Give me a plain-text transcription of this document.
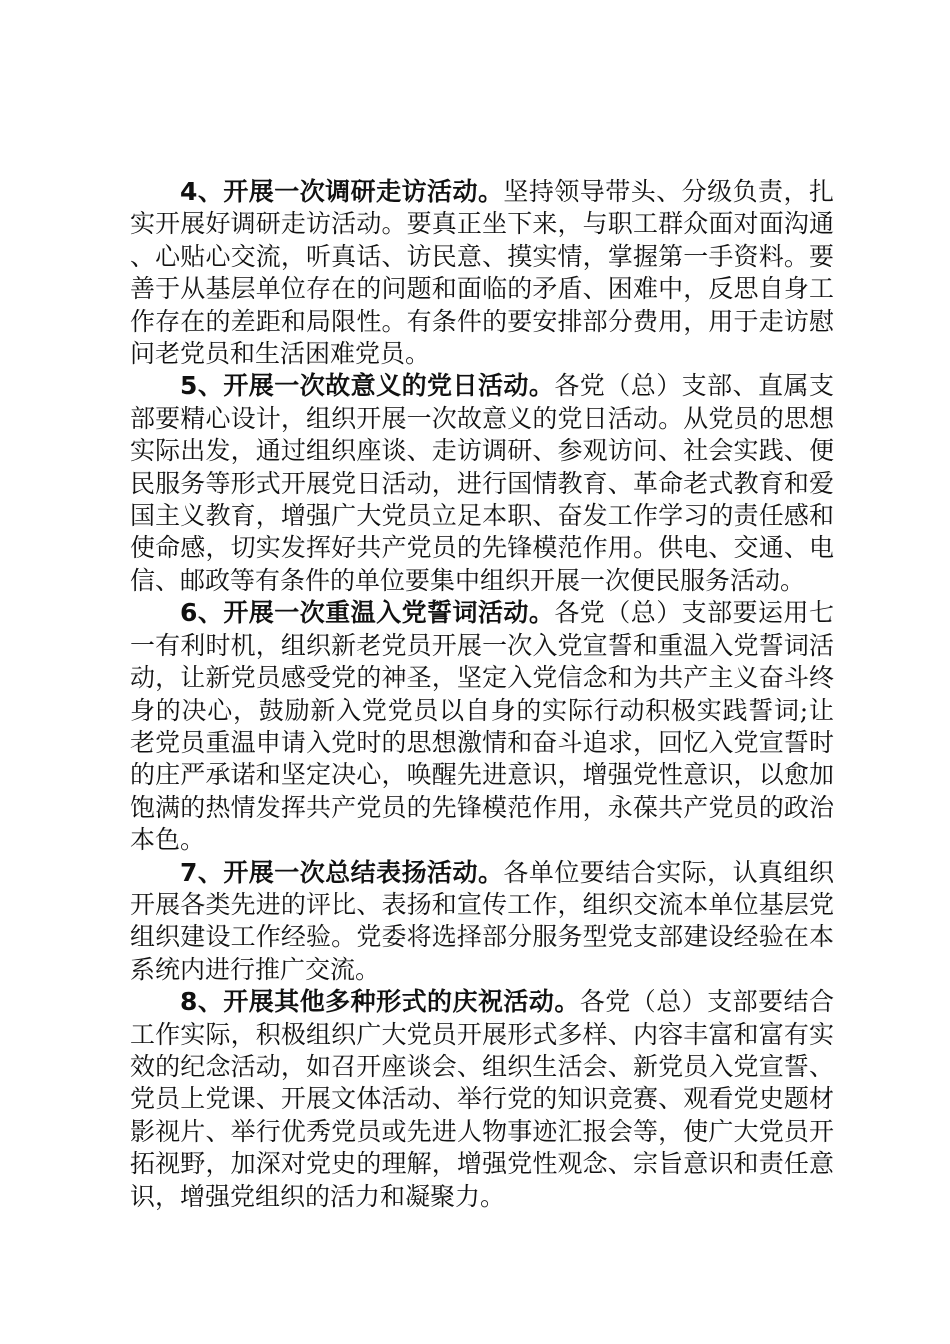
4、开展一次调研走访活动。坚持领导带头、分级负责，扎实开展好调研走访活动。要真正坐下来，与职工群众面对面沟通、心贴心交流，听真话、访民意、摸实情，掌握第一手资料。要善于从基层单位存在的问题和面临的矛盾、困难中，反思自身工作存在的差距和局限性。有条件的要安排部分费用，用于走访慰问老党员和生活困难党员。

5、开展一次故意义的党日活动。各党（总）支部、直属支部要精心设计，组织开展一次故意义的党日活动。从党员的思想实际出发，通过组织座谈、走访调研、参观访问、社会实践、便民服务等形式开展党日活动，进行国情教育、革命老式教育和爱国主义教育，增强广大党员立足本职、奋发工作学习的责任感和使命感，切实发挥好共产党员的先锋模范作用。供电、交通、电信、邮政等有条件的单位要集中组织开展一次便民服务活动。

6、开展一次重温入党誓词活动。各党（总）支部要运用七一有利时机，组织新老党员开展一次入党宣誓和重温入党誓词活动，让新党员感受党的神圣，坚定入党信念和为共产主义奋斗终身的决心，鼓励新入党党员以自身的实际行动积极实践誓词;让老党员重温申请入党时的思想激情和奋斗追求，回忆入党宣誓时的庄严承诺和坚定决心，唤醒先进意识，增强党性意识，以愈加饱满的热情发挥共产党员的先锋模范作用，永葆共产党员的政治本色。

7、开展一次总结表扬活动。各单位要结合实际，认真组织开展各类先进的评比、表扬和宣传工作，组织交流本单位基层党组织建设工作经验。党委将选择部分服务型党支部建设经验在本系统内进行推广交流。

8、开展其他多种形式的庆祝活动。各党（总）支部要结合工作实际，积极组织广大党员开展形式多样、内容丰富和富有实效的纪念活动，如召开座谈会、组织生活会、新党员入党宣誓、党员上党课、开展文体活动、举行党的知识竞赛、观看党史题材影视片、举行优秀党员或先进人物事迹汇报会等，使广大党员开拓视野，加深对党史的理解，增强党性观念、宗旨意识和责任意识，增强党组织的活力和凝聚力。
